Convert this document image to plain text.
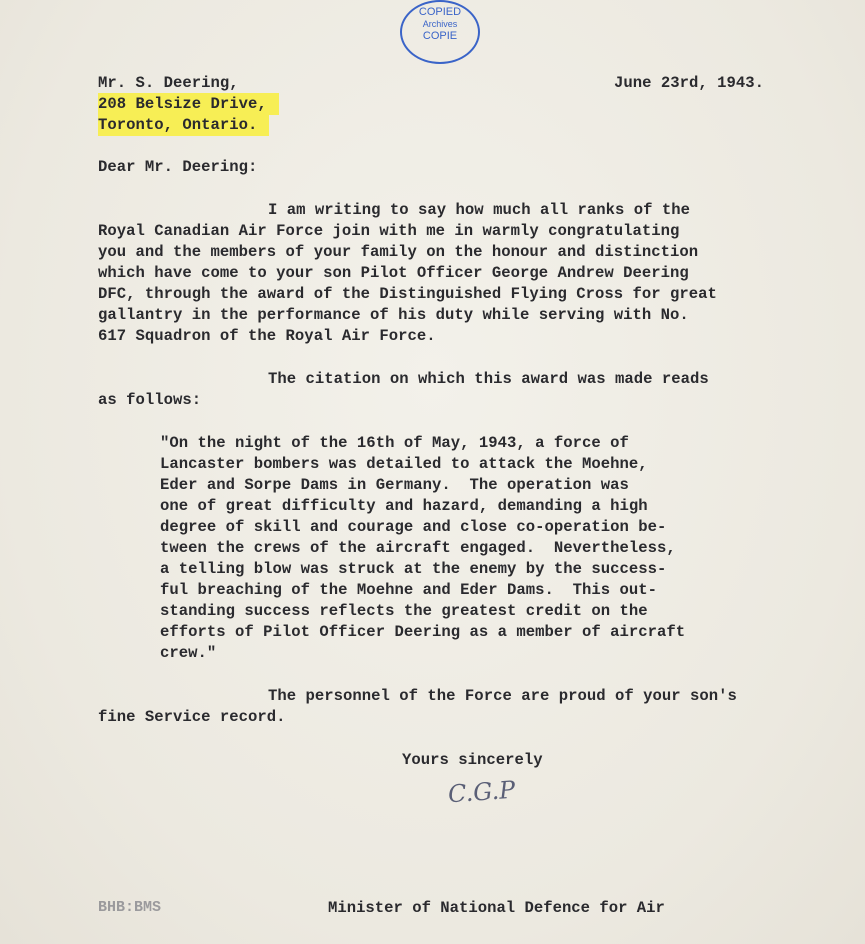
COPIED
Archives
COPIE
Mr. S. Deering,	June 23rd, 1943.
208 Belsize Drive,
Toronto, Ontario.
Dear Mr. Deering:
I am writing to say how much all ranks of the
Royal Canadian Air Force join with me in warmly congratulating
you and the members of your family on the honour and distinction
which have come to your son Pilot Officer George Andrew Deering
DFC, through the award of the Distinguished Flying Cross for great
gallantry in the performance of his duty while serving with No.
617 Squadron of the Royal Air Force.
The citation on which this award was made reads
as follows:
"On the night of the 16th of May, 1943, a force of
Lancaster bombers was detailed to attack the Moehne,
Eder and Sorpe Dams in Germany.  The operation was
one of great difficulty and hazard, demanding a high
degree of skill and courage and close co-operation be-
tween the crews of the aircraft engaged.  Nevertheless,
a telling blow was struck at the enemy by the success-
ful breaching of the Moehne and Eder Dams.  This out-
standing success reflects the greatest credit on the
efforts of Pilot Officer Deering as a member of aircraft
crew."
The personnel of the Force are proud of your son's
fine Service record.
Yours sincerely
C.G.P
BHB:BMS	Minister of National Defence for Air
